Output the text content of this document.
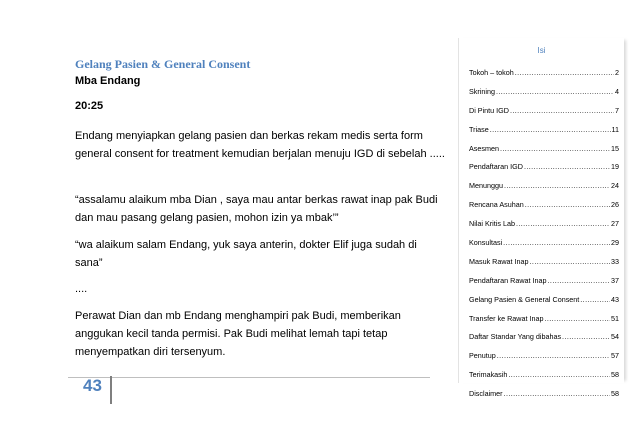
Gelang Pasien & General Consent
Mba Endang
20:25

Endang menyiapkan gelang pasien dan berkas rekam medis serta form general consent for treatment kemudian berjalan menuju IGD di sebelah .....

“assalamu alaikum mba Dian , saya mau antar berkas rawat inap pak Budi dan mau pasang gelang pasien, mohon izin ya mbak’”

“wa alaikum salam Endang, yuk saya anterin, dokter Elif juga sudah di sana”

....

Perawat Dian dan mb Endang menghampiri pak Budi, memberikan anggukan kecil tanda permisi. Pak Budi melihat lemah tapi tetap menyempatkan diri tersenyum.

43
Isi
Tokoh – tokoh .....	2
Skrining .....	4
Di Pintu IGD .....	7
Triase .....	11
Asesmen .....	15
Pendaftaran IGD .....	19
Menunggu .....	24
Rencana Asuhan .....	26
Nilai Kritis Lab .....	27
Konsultasi .....	29
Masuk Rawat Inap .....	33
Pendaftaran Rawat Inap .....	37
Gelang Pasien & General Consent .....	43
Transfer ke Rawat Inap .....	51
Daftar Standar Yang dibahas .....	54
Penutup .....	57
Terimakasih .....	58
Disclaimer .....	58
